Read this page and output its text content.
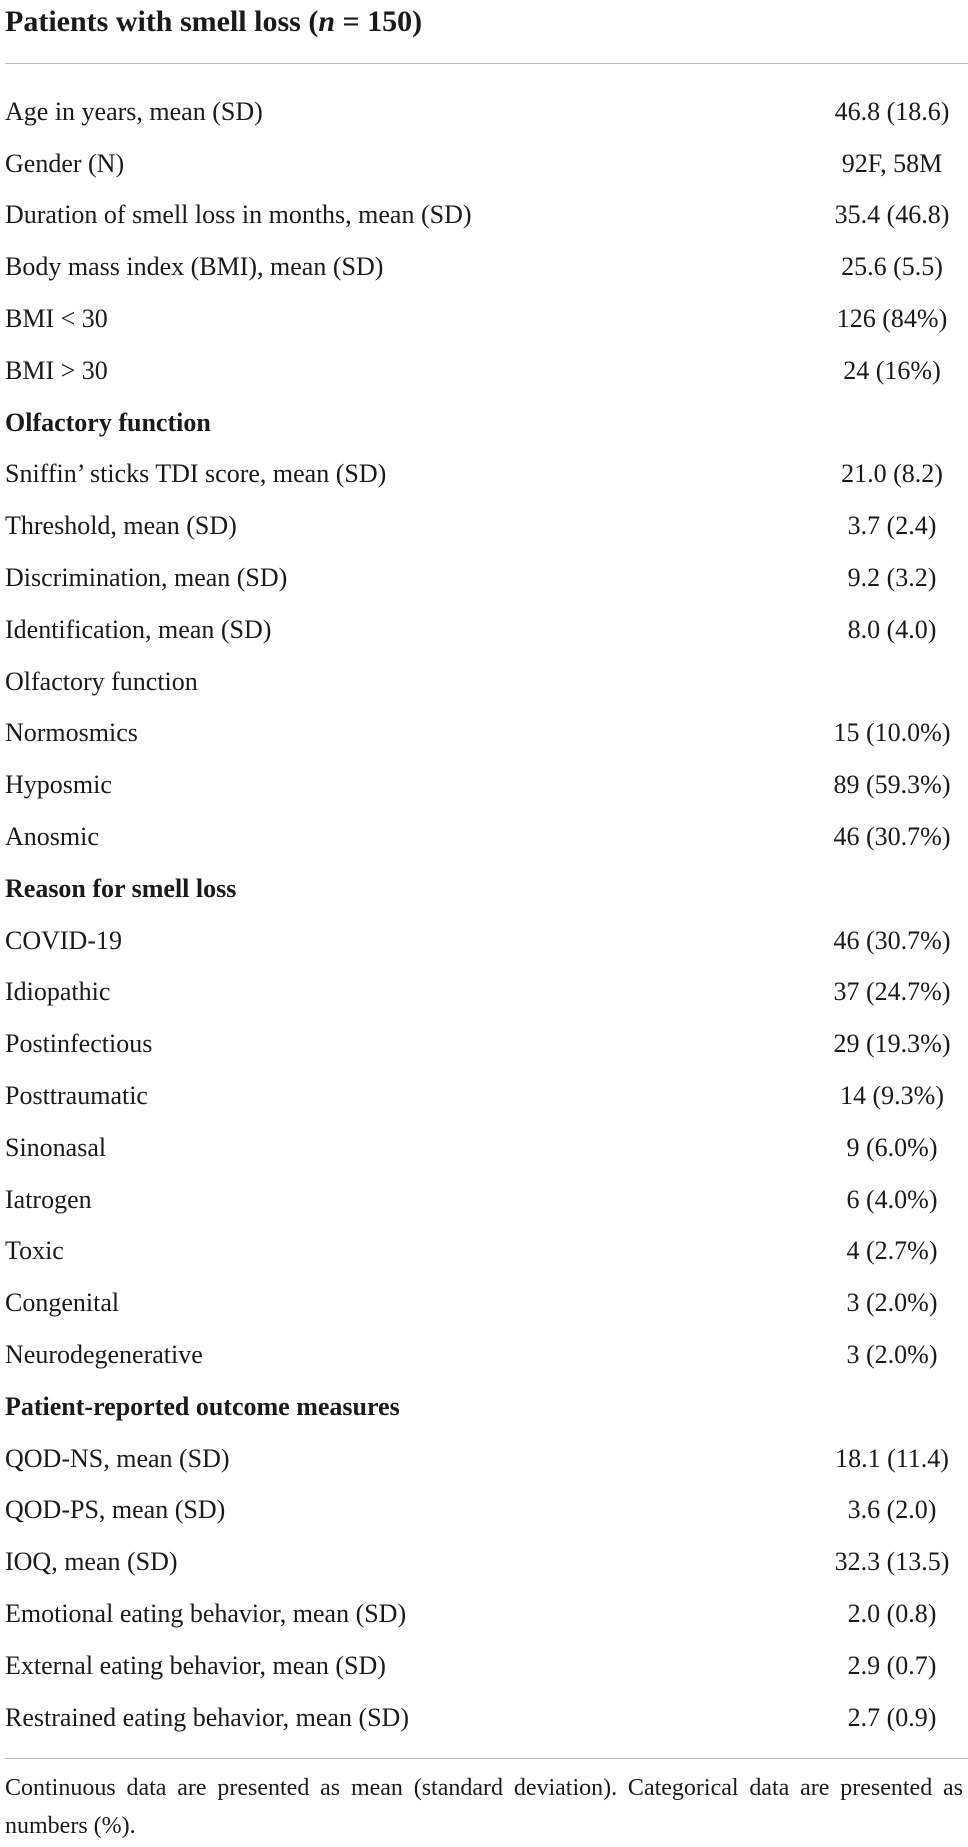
Patients with smell loss (n = 150)
Age in years, mean (SD)	46.8 (18.6)
Gender (N)	92F, 58M
Duration of smell loss in months, mean (SD)	35.4 (46.8)
Body mass index (BMI), mean (SD)	25.6 (5.5)
BMI < 30	126 (84%)
BMI > 30	24 (16%)
Olfactory function
Sniffin’ sticks TDI score, mean (SD)	21.0 (8.2)
Threshold, mean (SD)	3.7 (2.4)
Discrimination, mean (SD)	9.2 (3.2)
Identification, mean (SD)	8.0 (4.0)
Olfactory function
Normosmics	15 (10.0%)
Hyposmic	89 (59.3%)
Anosmic	46 (30.7%)
Reason for smell loss
COVID-19	46 (30.7%)
Idiopathic	37 (24.7%)
Postinfectious	29 (19.3%)
Posttraumatic	14 (9.3%)
Sinonasal	9 (6.0%)
Iatrogen	6 (4.0%)
Toxic	4 (2.7%)
Congenital	3 (2.0%)
Neurodegenerative	3 (2.0%)
Patient-reported outcome measures
QOD-NS, mean (SD)	18.1 (11.4)
QOD-PS, mean (SD)	3.6 (2.0)
IOQ, mean (SD)	32.3 (13.5)
Emotional eating behavior, mean (SD)	2.0 (0.8)
External eating behavior, mean (SD)	2.9 (0.7)
Restrained eating behavior, mean (SD)	2.7 (0.9)
Continuous data are presented as mean (standard deviation). Categorical data are presented as numbers (%).
